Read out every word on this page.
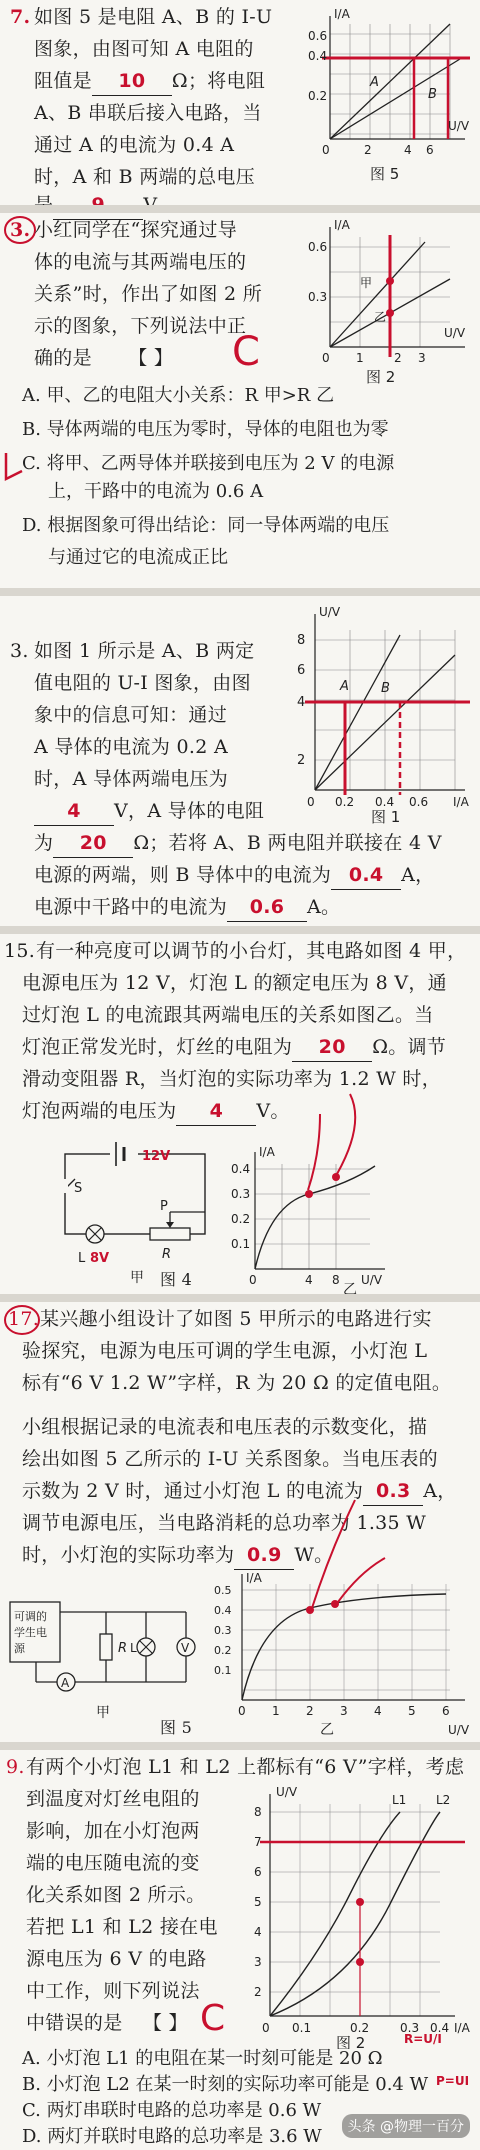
7. 如图 5 是电阻 A、B 的 I-U
图象，由图可知 A 电阻的
阻值是 10 Ω；将电阻
A、B 串联后接入电路，当
通过 A 的电流为 0.4 A
时，A 和 B 两端的总电压
0.6
0.4
0.2
0	2	4 6
I/A
U/V
A
B
图 5
3. 小红同学在“探究通过导
体的电流与其两端电压的
关系”时，作出了如图 2 所
示的图象，下列说法中正
确的是 【 】 C
0.6
0.3
0 1	2 3
I/A
U/V
甲
乙
图 2
A. 甲、乙的电阻大小关系：R 甲>R 乙
B. 导体两端的电压为零时，导体的电阻也为零
C. 将甲、乙两导体并联接到电压为 2 V 的电源
上，干路中的电流为 0.6 A
D. 根据图象可得出结论：同一导体两端的电压
与通过它的电流成正比
3. 如图 1 所示是 A、B 两定
值电阻的 U-I 图象，由图
象中的信息可知：通过
A 导体的电流为 0.2 A
时，A 导体两端电压为
4 V，A 导体的电阻
为 20 Ω；若将 A、B 两电阻并联接在 4 V
电源的两端，则 B 导体中的电流为 0.4 A，
电源中干路中的电流为 0.6 A。
8
6
4
2
0 0.2 0.4 0.6
U/V
I/A
A B
图 1
15. 有一种亮度可以调节的小台灯，其电路如图 4 甲，
电源电压为 12 V，灯泡 L 的额定电压为 8 V，通
过灯泡 L 的电流跟其两端电压的关系如图乙。当
灯泡正常发光时，灯丝的电阻为 20 Ω。调节
滑动变阻器 R，当灯泡的实际功率为 1.2 W 时，
灯泡两端的电压为 4 V。
12V
S
P
L 8V	R
甲
0.4
0.3
0.2
0.1
0	4 8
I/A
U/V
乙
图 4
17. 某兴趣小组设计了如图 5 甲所示的电路进行实
验探究，电源为电压可调的学生电源，小灯泡 L
标有“6 V 1.2 W”字样，R 为 20 Ω 的定值电阻。
小组根据记录的电流表和电压表的示数变化，描
绘出如图 5 乙所示的 I-U 关系图象。当电压表的
示数为 2 V 时，通过小灯泡 L 的电流为 0.3 A，
调节电源电压，当电路消耗的总功率为 1.35 W
时，小灯泡的实际功率为 0.9 W。
可调的
学生电
源
A
R L	V
甲
0.5
0.4
0.3
0.2
0.1
0 1 2 3 4 5 6
I/A
U/V
乙
图 5
9. 有两个小灯泡 L1 和 L2 上都标有“6 V”字样，考虑
到温度对灯丝电阻的
影响，加在小灯泡两
端的电压随电流的变
化关系如图 2 所示。
若把 L1 和 L2 接在电
源电压为 6 V 的电路
中工作，则下列说法
中错误的是 【 】 C
8
7
6
5
4
3
2
0 0.1	0.2	0.3 0.4
U/V
I/A
L1 L2
图 2
A. 小灯泡 L1 的电阻在某一时刻可能是 20 Ω
B. 小灯泡 L2 在某一时刻的实际功率可能是 0.4 W
C. 两灯串联时电路的总功率是 0.6 W
D. 两灯并联时电路的总功率是 3.6 W
R=U/I
P=UI
头条 @物理一百分
